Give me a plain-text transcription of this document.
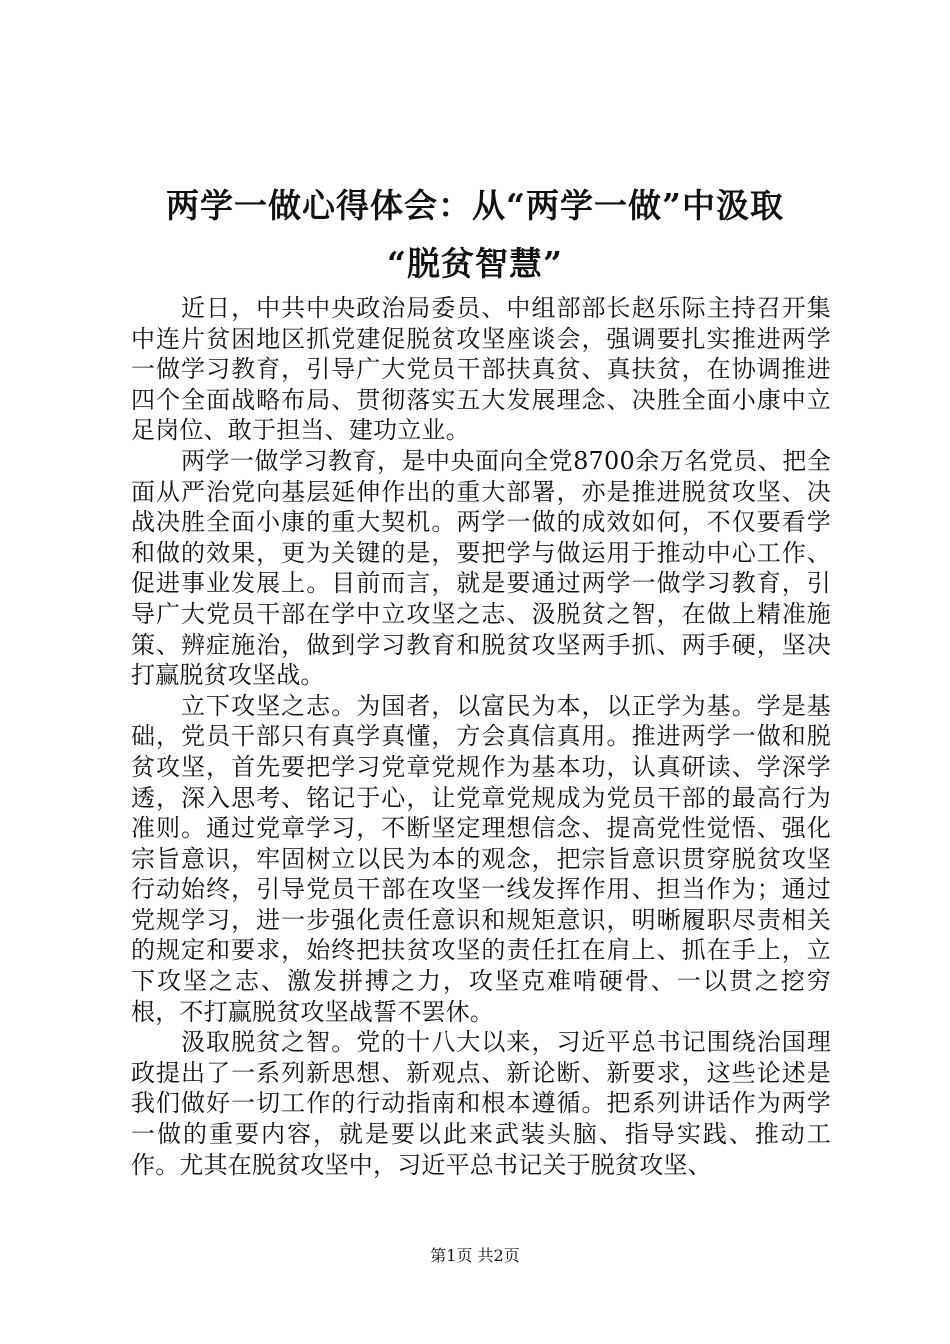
两学一做心得体会：从“两学一做”中汲取
“脱贫智慧”

近日，中共中央政治局委员、中组部部长赵乐际主持召开集中连片贫困地区抓党建促脱贫攻坚座谈会，强调要扎实推进两学一做学习教育，引导广大党员干部扶真贫、真扶贫，在协调推进四个全面战略布局、贯彻落实五大发展理念、决胜全面小康中立足岗位、敢于担当、建功立业。

两学一做学习教育，是中央面向全党8700余万名党员、把全面从严治党向基层延伸作出的重大部署，亦是推进脱贫攻坚、决战决胜全面小康的重大契机。两学一做的成效如何，不仅要看学和做的效果，更为关键的是，要把学与做运用于推动中心工作、促进事业发展上。目前而言，就是要通过两学一做学习教育，引导广大党员干部在学中立攻坚之志、汲脱贫之智，在做上精准施策、辨症施治，做到学习教育和脱贫攻坚两手抓、两手硬，坚决打赢脱贫攻坚战。

立下攻坚之志。为国者，以富民为本，以正学为基。学是基础，党员干部只有真学真懂，方会真信真用。推进两学一做和脱贫攻坚，首先要把学习党章党规作为基本功，认真研读、学深学透，深入思考、铭记于心，让党章党规成为党员干部的最高行为准则。通过党章学习，不断坚定理想信念、提高党性觉悟、强化宗旨意识，牢固树立以民为本的观念，把宗旨意识贯穿脱贫攻坚行动始终，引导党员干部在攻坚一线发挥作用、担当作为；通过党规学习，进一步强化责任意识和规矩意识，明晰履职尽责相关的规定和要求，始终把扶贫攻坚的责任扛在肩上、抓在手上，立下攻坚之志、激发拼搏之力，攻坚克难啃硬骨、一以贯之挖穷根，不打赢脱贫攻坚战誓不罢休。

汲取脱贫之智。党的十八大以来，习近平总书记围绕治国理政提出了一系列新思想、新观点、新论断、新要求，这些论述是我们做好一切工作的行动指南和根本遵循。把系列讲话作为两学一做的重要内容，就是要以此来武装头脑、指导实践、推动工作。尤其在脱贫攻坚中，习近平总书记关于脱贫攻坚、

第1页 共2页
